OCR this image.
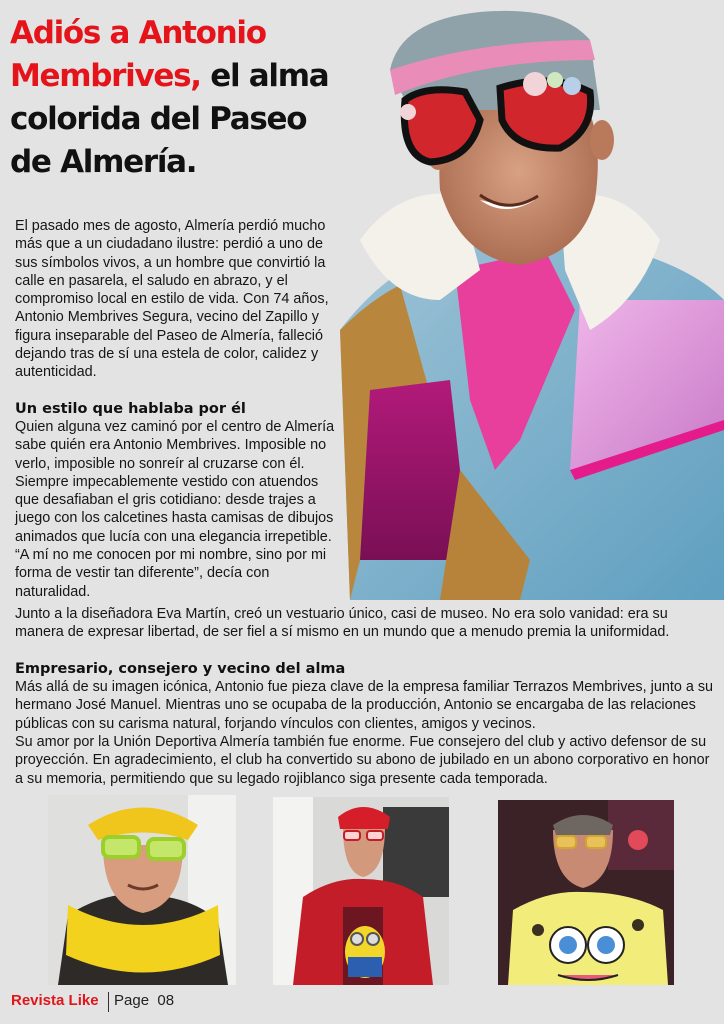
Adiós a Antonio Membrives, el alma colorida del Paseo de Almería.
El pasado mes de agosto, Almería perdió mucho más que a un ciudadano ilustre: perdió a uno de sus símbolos vivos, a un hombre que convirtió la calle en pasarela, el saludo en abrazo, y el compromiso local en estilo de vida. Con 74 años, Antonio Membrives Segura, vecino del Zapillo y figura inseparable del Paseo de Almería, falleció dejando tras de sí una estela de color, calidez y autenticidad.
Un estilo que hablaba por él
Quien alguna vez caminó por el centro de Almería sabe quién era Antonio Membrives. Imposible no verlo, imposible no sonreír al cruzarse con él. Siempre impecablemente vestido con atuendos que desafiaban el gris cotidiano: desde trajes a juego con los calcetines hasta camisas de dibujos animados que lucía con una elegancia irrepetible. “A mí no me conocen por mi nombre, sino por mi forma de vestir tan diferente”, decía con naturalidad.
Junto a la diseñadora Eva Martín, creó un vestuario único, casi de museo. No era solo vanidad: era su manera de expresar libertad, de ser fiel a sí mismo en un mundo que a menudo premia la uniformidad.
Empresario, consejero y vecino del alma
Más allá de su imagen icónica, Antonio fue pieza clave de la empresa familiar Terrazos Membrives, junto a su hermano José Manuel. Mientras uno se ocupaba de la producción, Antonio se encargaba de las relaciones públicas con su carisma natural, forjando vínculos con clientes, amigos y vecinos.
Su amor por la Unión Deportiva Almería también fue enorme. Fue consejero del club y activo defensor de su proyección. En agradecimiento, el club ha convertido su abono de jubilado en un abono corporativo en honor a su memoria, permitiendo que su legado rojiblanco siga presente cada temporada.
Revista Like Page  08
